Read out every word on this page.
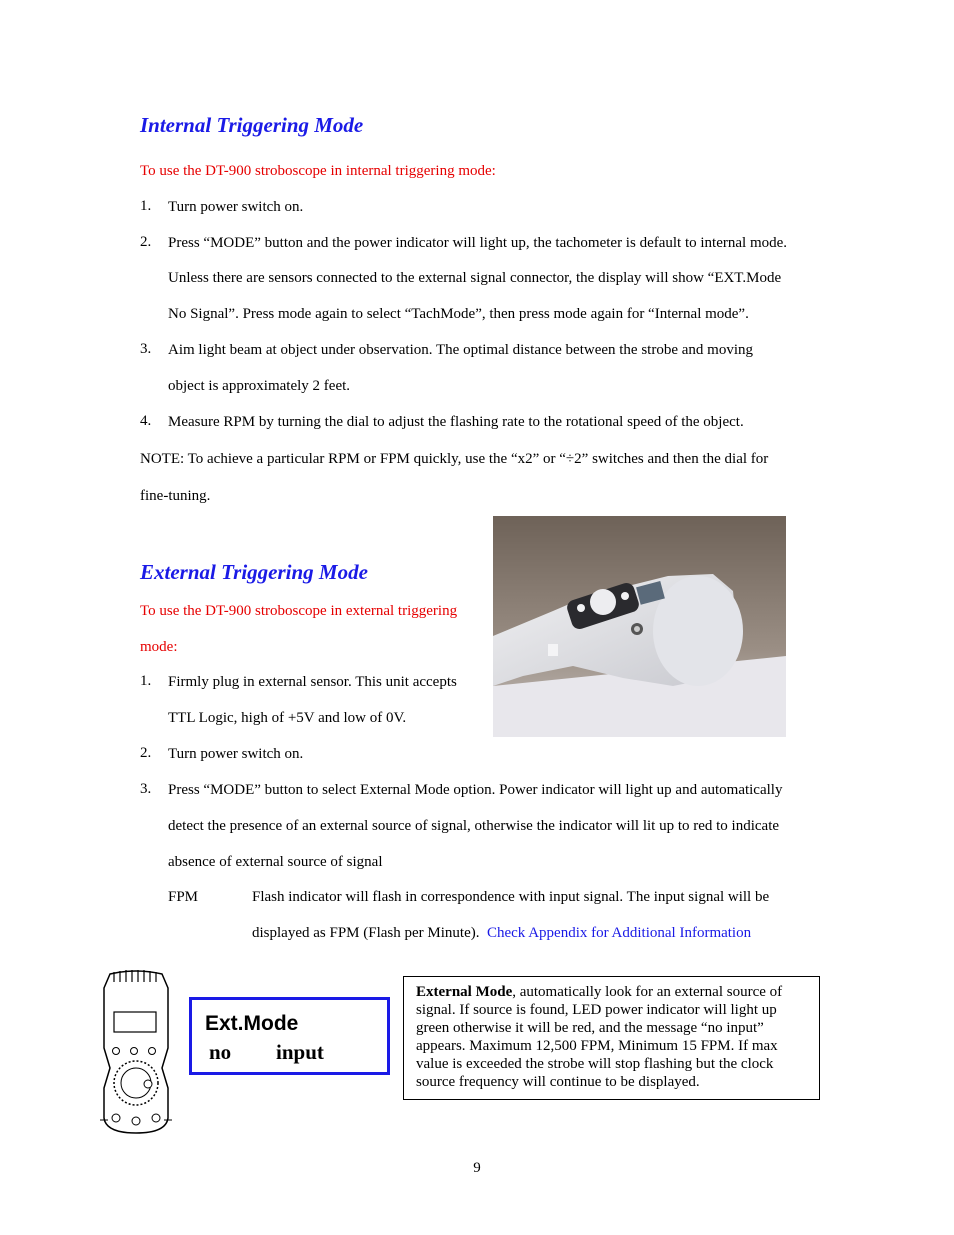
Internal Triggering Mode
To use the DT-900 stroboscope in internal triggering mode:
1. Turn power switch on.
2. Press “MODE” button and the power indicator will light up, the tachometer is default to internal mode.
Unless there are sensors connected to the external signal connector, the display will show “EXT.Mode
No Signal”. Press mode again to select “TachMode”, then press mode again for “Internal mode”.
3. Aim light beam at object under observation. The optimal distance between the strobe and moving
object is approximately 2 feet.
4. Measure RPM by turning the dial to adjust the flashing rate to the rotational speed of the object.
NOTE: To achieve a particular RPM or FPM quickly, use the “x2” or “÷2” switches and then the dial for
fine-tuning.
External Triggering Mode
To use the DT-900 stroboscope in external triggering
mode:
1. Firmly plug in external sensor. This unit accepts
TTL Logic, high of +5V and low of 0V.
2. Turn power switch on.
3. Press “MODE” button to select External Mode option. Power indicator will light up and automatically
detect the presence of an external source of signal, otherwise the indicator will lit up to red to indicate
absence of external source of signal
FPM	Flash indicator will flash in correspondence with input signal. The input signal will be
displayed as FPM (Flash per Minute). Check Appendix for Additional Information
Ext.Mode
no input
External Mode, automatically look for an external source of signal. If source is found, LED power indicator will light up green otherwise it will be red, and the message “no input” appears. Maximum 12,500 FPM, Minimum 15 FPM. If max value is exceeded the strobe will stop flashing but the clock source frequency will continue to be displayed.
9
